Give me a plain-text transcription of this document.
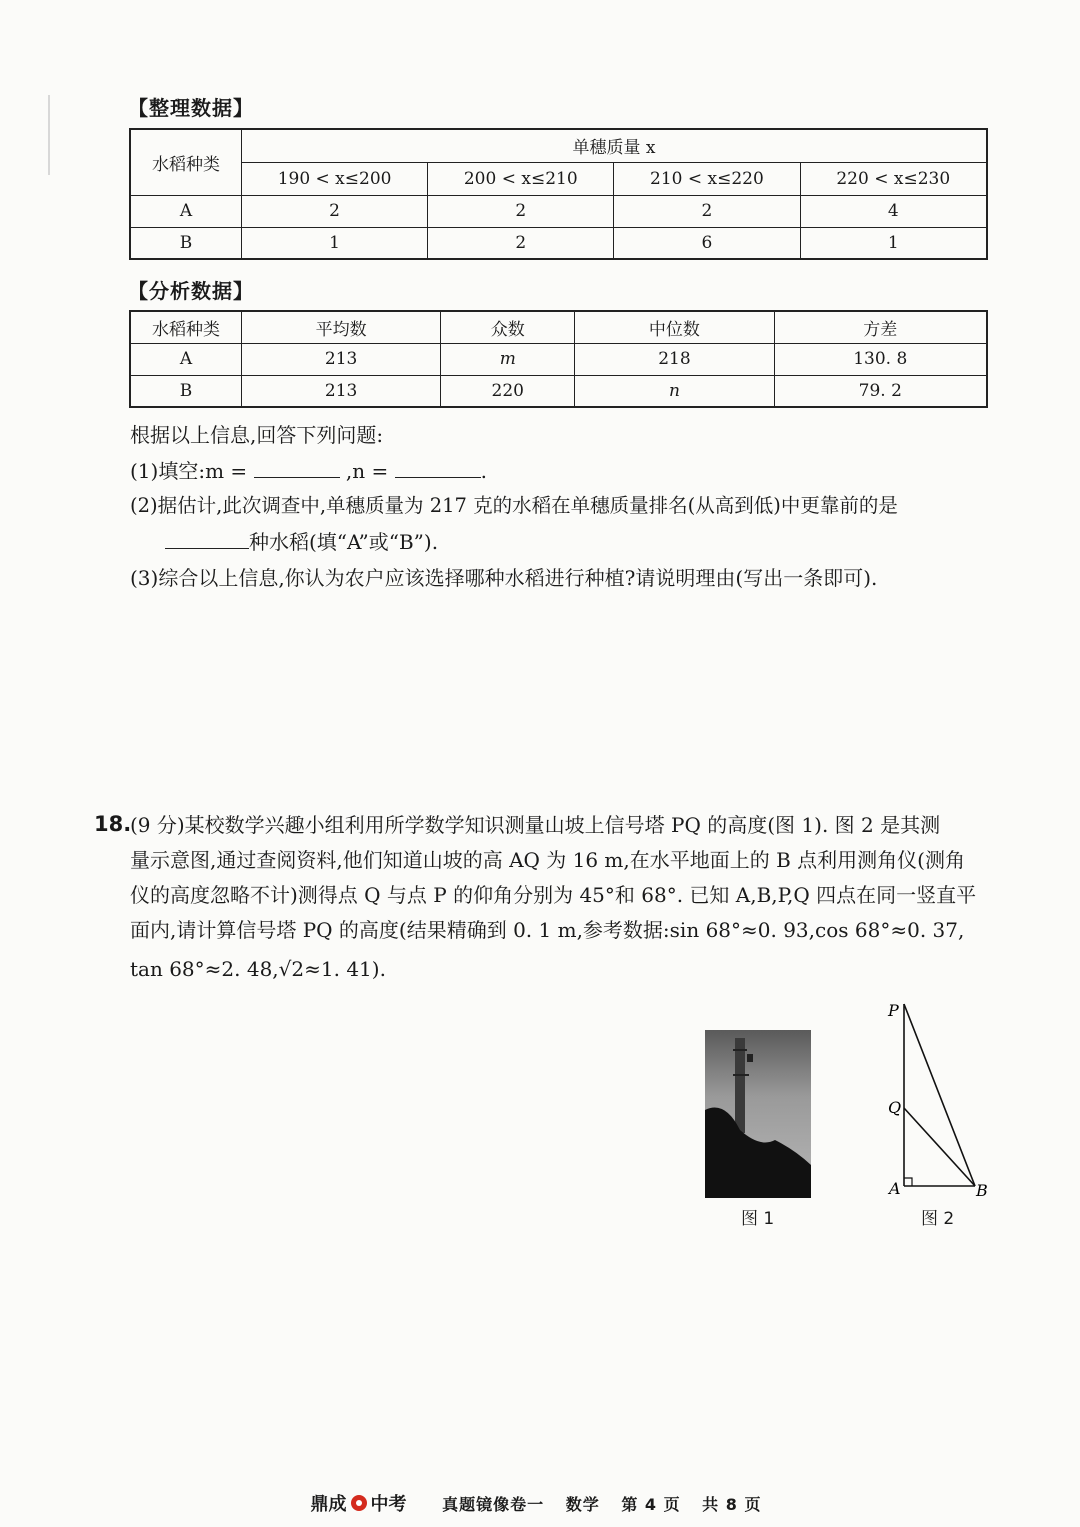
【整理数据】
水稻种类	单穗质量 x			
	190 < x≤200	200 < x≤210	210 < x≤220	220 < x≤230
A	2	2	2	4
B	1	2	6	1
【分析数据】
水稻种类	平均数	众数	中位数	方差
A	213	m	218	130. 8
B	213	220	n	79. 2
根据以上信息,回答下列问题:
(1)填空:m =	,n =	.
(2)据估计,此次调查中,单穗质量为 217 克的水稻在单穗质量排名(从高到低)中更靠前的是
种水稻(填“A”或“B”).
(3)综合以上信息,你认为农户应该选择哪种水稻进行种植?请说明理由(写出一条即可).
18.
(9 分)某校数学兴趣小组利用所学数学知识测量山坡上信号塔 PQ 的高度(图 1). 图 2 是其测
量示意图,通过查阅资料,他们知道山坡的高 AQ 为 16 m,在水平地面上的 B 点利用测角仪(测角
仪的高度忽略不计)测得点 Q 与点 P 的仰角分别为 45°和 68°. 已知 A,B,P,Q 四点在同一竖直平
面内,请计算信号塔 PQ 的高度(结果精确到 0. 1 m,参考数据:sin 68°≈0. 93,cos 68°≈0. 37,
tan 68°≈2. 48,√2≈1. 41).
图 1
P
Q
A	B
图 2
鼎成 中考 真题镜像卷一 数学 第 4 页 共 8 页
